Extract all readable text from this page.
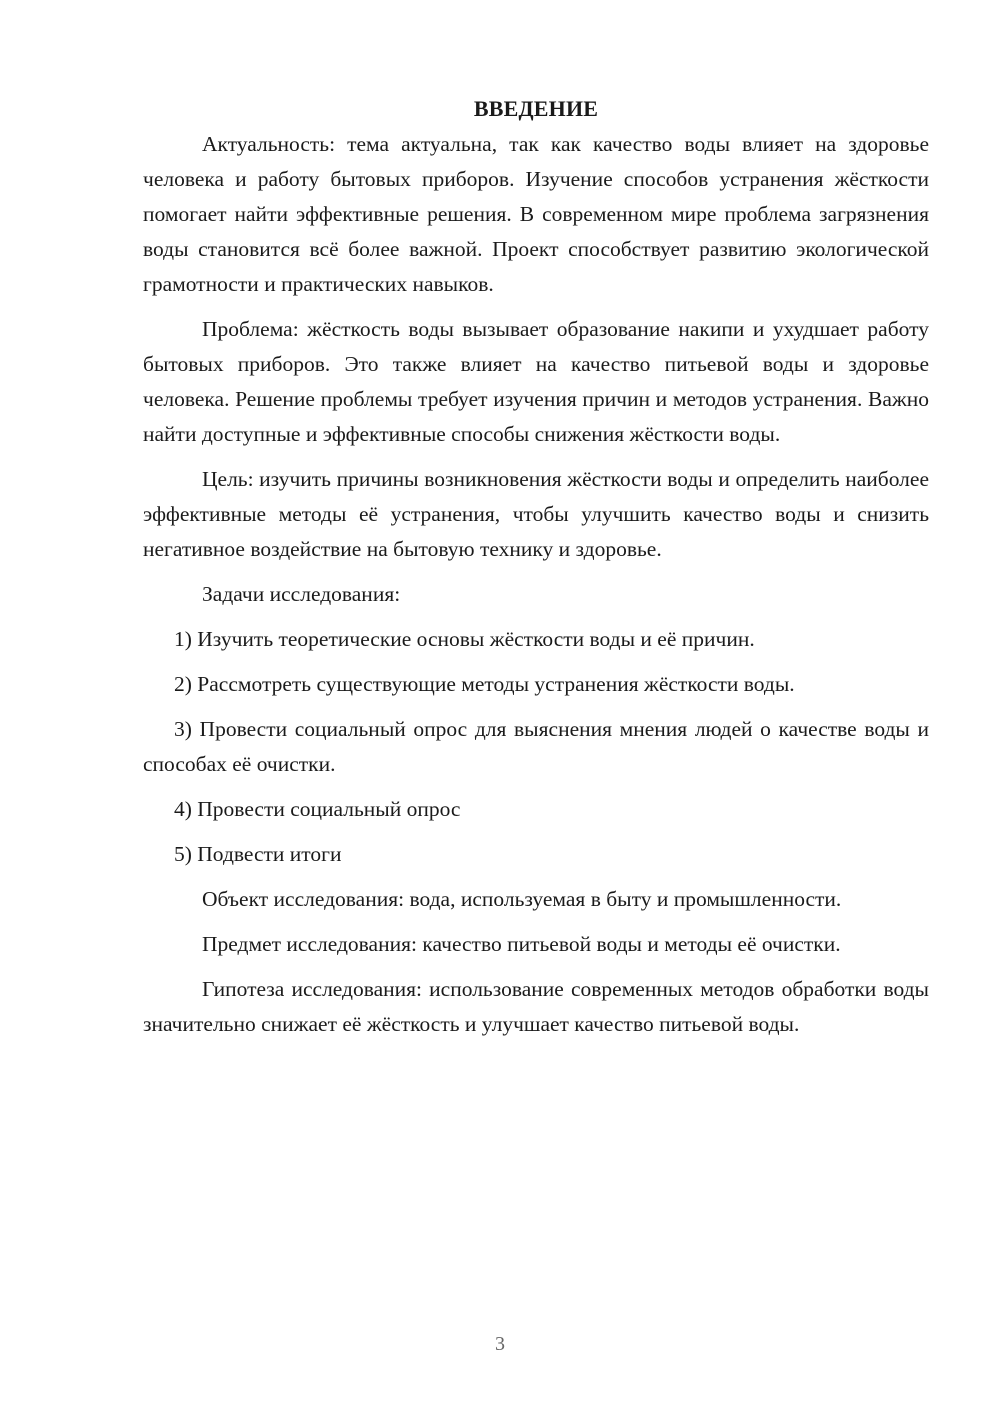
ВВЕДЕНИЕ

Актуальность: тема актуальна, так как качество воды влияет на здоровье человека и работу бытовых приборов. Изучение способов устранения жёсткости помогает найти эффективные решения. В современном мире проблема загрязнения воды становится всё более важной. Проект способствует развитию экологической грамотности и практических навыков.

Проблема: жёсткость воды вызывает образование накипи и ухудшает работу бытовых приборов. Это также влияет на качество питьевой воды и здоровье человека. Решение проблемы требует изучения причин и методов устранения. Важно найти доступные и эффективные способы снижения жёсткости воды.

Цель: изучить причины возникновения жёсткости воды и определить наиболее эффективные методы её устранения, чтобы улучшить качество воды и снизить негативное воздействие на бытовую технику и здоровье.

Задачи исследования:

1) Изучить теоретические основы жёсткости воды и её причин.

2) Рассмотреть существующие методы устранения жёсткости воды.

3) Провести социальный опрос для выяснения мнения людей о качестве воды и способах её очистки.

4) Провести социальный опрос

5) Подвести итоги

Объект исследования: вода, используемая в быту и промышленности.

Предмет исследования: качество питьевой воды и методы её очистки.

Гипотеза исследования: использование современных методов обработки воды значительно снижает её жёсткость и улучшает качество питьевой воды.

3
